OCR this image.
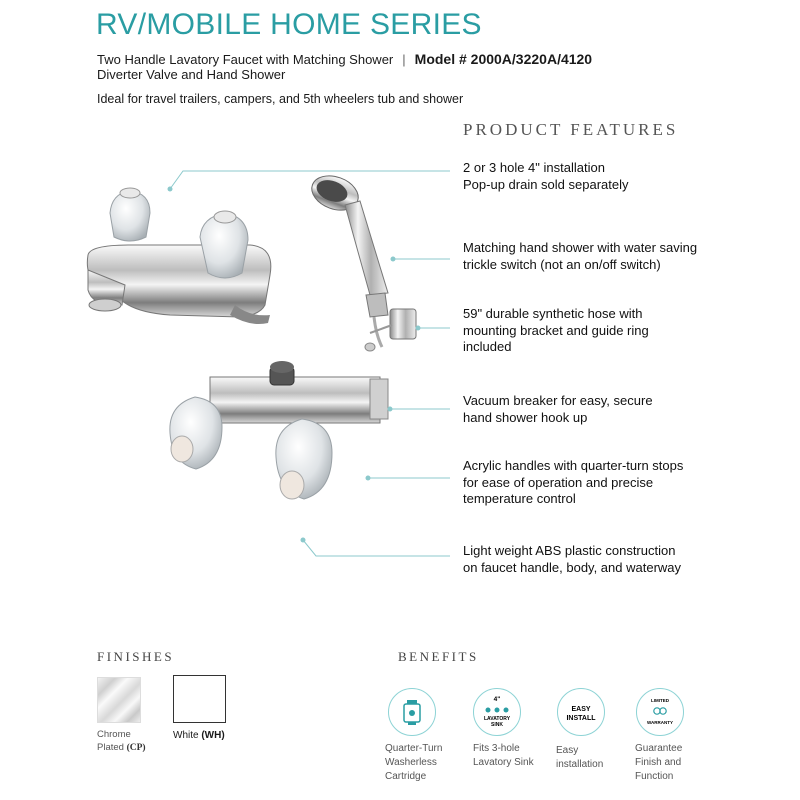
RV/MOBILE HOME SERIES
Two Handle Lavatory Faucet with Matching Shower | Model # 2000A/3220A/4120
Diverter Valve and Hand Shower
Ideal for travel trailers, campers, and 5th wheelers tub and shower
PRODUCT FEATURES
2 or 3 hole 4" installation
Pop-up drain sold separately
Matching hand shower with water saving
trickle switch (not an on/off switch)
59" durable synthetic hose with
mounting bracket and guide ring
included
Vacuum breaker for easy, secure
hand shower hook up
Acrylic handles with quarter-turn stops
for ease of operation and precise
temperature control
Light weight ABS plastic construction
on faucet handle, body, and waterway
FINISHES
Chrome
Plated (CP)
White (WH)
BENEFITS
Quarter-Turn
Washerless
Cartridge
4"
LAVATORY
SINK
Fits 3-hole
Lavatory Sink
EASY
INSTALL
Easy
installation
LIMITED
WARRANTY
Guarantee
Finish and
Function
